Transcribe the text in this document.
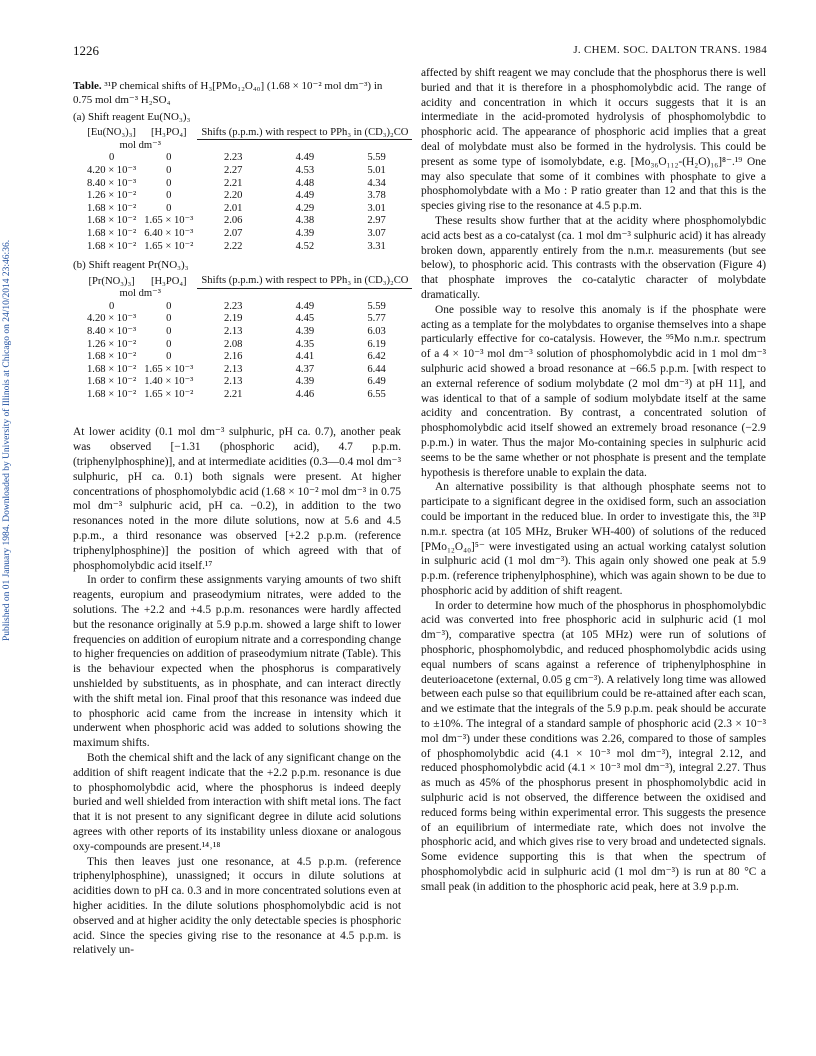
1226	J. CHEM. SOC. DALTON TRANS. 1984
Published on 01 January 1984. Downloaded by University of Illinois at Chicago on 24/10/2014 23:46:36.

Table. ³¹P chemical shifts of H₃[PMo₁₂O₄₀] (1.68 × 10⁻² mol dm⁻³) in 0.75 mol dm⁻³ H₂SO₄

(a) Shift reagent Eu(NO₃)₃
[Eu(NO₃)₃]	[H₃PO₄]	Shifts (p.p.m.) with respect to PPh₃ in (CD₃)₂CO		
mol dm⁻³				
0	0	2.23	4.49	5.59
4.20 × 10⁻³	0	2.27	4.53	5.01
8.40 × 10⁻³	0	2.21	4.48	4.34
1.26 × 10⁻²	0	2.20	4.49	3.78
1.68 × 10⁻²	0	2.01	4.29	3.01
1.68 × 10⁻²	1.65 × 10⁻³	2.06	4.38	2.97
1.68 × 10⁻²	6.40 × 10⁻³	2.07	4.39	3.07
1.68 × 10⁻²	1.65 × 10⁻²	2.22	4.52	3.31
(b) Shift reagent Pr(NO₃)₃
[Pr(NO₃)₃]	[H₃PO₄]	Shifts (p.p.m.) with respect to PPh₃ in (CD₃)₂CO		
mol dm⁻³				
0	0	2.23	4.49	5.59
4.20 × 10⁻³	0	2.19	4.45	5.77
8.40 × 10⁻³	0	2.13	4.39	6.03
1.26 × 10⁻²	0	2.08	4.35	6.19
1.68 × 10⁻²	0	2.16	4.41	6.42
1.68 × 10⁻²	1.65 × 10⁻³	2.13	4.37	6.44
1.68 × 10⁻²	1.40 × 10⁻³	2.13	4.39	6.49
1.68 × 10⁻²	1.65 × 10⁻²	2.21	4.46	6.55

At lower acidity (0.1 mol dm⁻³ sulphuric, pH ca. 0.7), another peak was observed [−1.31 (phosphoric acid), 4.7 p.p.m. (triphenylphosphine)], and at intermediate acidities (0.3—0.4 mol dm⁻³ sulphuric, pH ca. 0.1) both signals were present. At higher concentrations of phosphomolybdic acid (1.68 × 10⁻² mol dm⁻³ in 0.75 mol dm⁻³ sulphuric acid, pH ca. −0.2), in addition to the two resonances noted in the more dilute solutions, now at 5.6 and 4.5 p.p.m., a third resonance was observed [+2.2 p.p.m. (reference triphenylphosphine)] the position of which agreed with that of phosphomolybdic acid itself.¹⁷

In order to confirm these assignments varying amounts of two shift reagents, europium and praseodymium nitrates, were added to the solutions. The +2.2 and +4.5 p.p.m. resonances were hardly affected but the resonance originally at 5.9 p.p.m. showed a large shift to lower frequencies on addition of europium nitrate and a corresponding change to higher frequencies on addition of praseodymium nitrate (Table). This is the behaviour expected when the phosphorus is comparatively unshielded by substituents, as in phosphate, and can interact directly with the shift metal ion. Final proof that this resonance was indeed due to phosphoric acid came from the increase in intensity which it underwent when phosphoric acid was added to solutions showing the maximum shifts.

Both the chemical shift and the lack of any significant change on the addition of shift reagent indicate that the +2.2 p.p.m. resonance is due to phosphomolybdic acid, where the phosphorus is indeed deeply buried and well shielded from interaction with shift metal ions. The fact that it is not present to any significant degree in dilute acid solutions agrees with other reports of its instability unless dioxane or analogous oxy-compounds are present.¹⁴˒¹⁸

This then leaves just one resonance, at 4.5 p.p.m. (reference triphenylphosphine), unassigned; it occurs in dilute solutions at acidities down to pH ca. 0.3 and in more concentrated solutions even at higher acidities. In the dilute solutions phosphomolybdic acid is not observed and at higher acidity the only detectable species is phosphoric acid. Since the species giving rise to the resonance at 4.5 p.p.m. is relatively un-

affected by shift reagent we may conclude that the phosphorus there is well buried and that it is therefore in a phosphomolybdic acid. The range of acidity and concentration in which it occurs suggests that it is an intermediate in the acid-promoted hydrolysis of phosphomolybdic to phosphoric acid. The appearance of phosphoric acid implies that a great deal of molybdate must also be formed in the hydrolysis. This could be present as some type of isomolybdate, e.g. [Mo₃₆O₁₁₂-(H₂O)₁₆]⁸⁻.¹⁹ One may also speculate that some of it combines with phosphate to give a phosphomolybdate with a Mo : P ratio greater than 12 and that this is the species giving rise to the resonance at 4.5 p.p.m.

These results show further that at the acidity where phosphomolybdic acid acts best as a co-catalyst (ca. 1 mol dm⁻³ sulphuric acid) it has already broken down, apparently entirely from the n.m.r. measurements (but see below), to phosphoric acid. This contrasts with the observation (Figure 4) that phosphate improves the co-catalytic character of molybdate dramatically.

One possible way to resolve this anomaly is if the phosphate were acting as a template for the molybdates to organise themselves into a shape particularly effective for co-catalysis. However, the ⁹⁵Mo n.m.r. spectrum of a 4 × 10⁻³ mol dm⁻³ solution of phosphomolybdic acid in 1 mol dm⁻³ sulphuric acid showed a broad resonance at −66.5 p.p.m. [with respect to an external reference of sodium molybdate (2 mol dm⁻³) at pH 11], and was identical to that of a sample of sodium molybdate itself at the same acidity and concentration. By contrast, a concentrated solution of phosphomolybdic acid itself showed an extremely broad resonance (−2.9 p.p.m.) in water. Thus the major Mo-containing species in sulphuric acid seems to be the same whether or not phosphate is present and the template hypothesis is therefore unable to explain the data.

An alternative possibility is that although phosphate seems not to participate to a significant degree in the oxidised form, such an association could be important in the reduced blue. In order to investigate this, the ³¹P n.m.r. spectra (at 105 MHz, Bruker WH-400) of solutions of the reduced [PMo₁₂O₄₀]⁵⁻ were investigated using an actual working catalyst solution in sulphuric acid (1 mol dm⁻³). This again only showed one peak at 5.9 p.p.m. (reference triphenylphosphine), which was again shown to be due to phosphoric acid by addition of shift reagent.

In order to determine how much of the phosphorus in phosphomolybdic acid was converted into free phosphoric acid in sulphuric acid (1 mol dm⁻³), comparative spectra (at 105 MHz) were run of solutions of phosphoric, phosphomolybdic, and reduced phosphomolybdic acids using equal numbers of scans against a reference of triphenylphosphine in deuterioacetone (external, 0.05 g cm⁻³). A relatively long time was allowed between each pulse so that equilibrium could be re-attained after each scan, and we estimate that the integrals of the 5.9 p.p.m. peak should be accurate to ±10%. The integral of a standard sample of phosphoric acid (2.3 × 10⁻³ mol dm⁻³) under these conditions was 2.26, compared to those of samples of phosphomolybdic acid (4.1 × 10⁻³ mol dm⁻³), integral 2.12, and reduced phosphomolybdic acid (4.1 × 10⁻³ mol dm⁻³), integral 2.27. Thus as much as 45% of the phosphorus present in phosphomolybdic acid in sulphuric acid is not observed, the difference between the oxidised and reduced forms being within experimental error. This suggests the presence of an equilibrium of intermediate rate, which does not involve the phosphoric acid, and which gives rise to very broad and undetected signals. Some evidence supporting this is that when the spectrum of phosphomolybdic acid in sulphuric acid (1 mol dm⁻³) is run at 80 °C a small peak (in addition to the phosphoric acid peak, here at 3.9 p.p.m.
